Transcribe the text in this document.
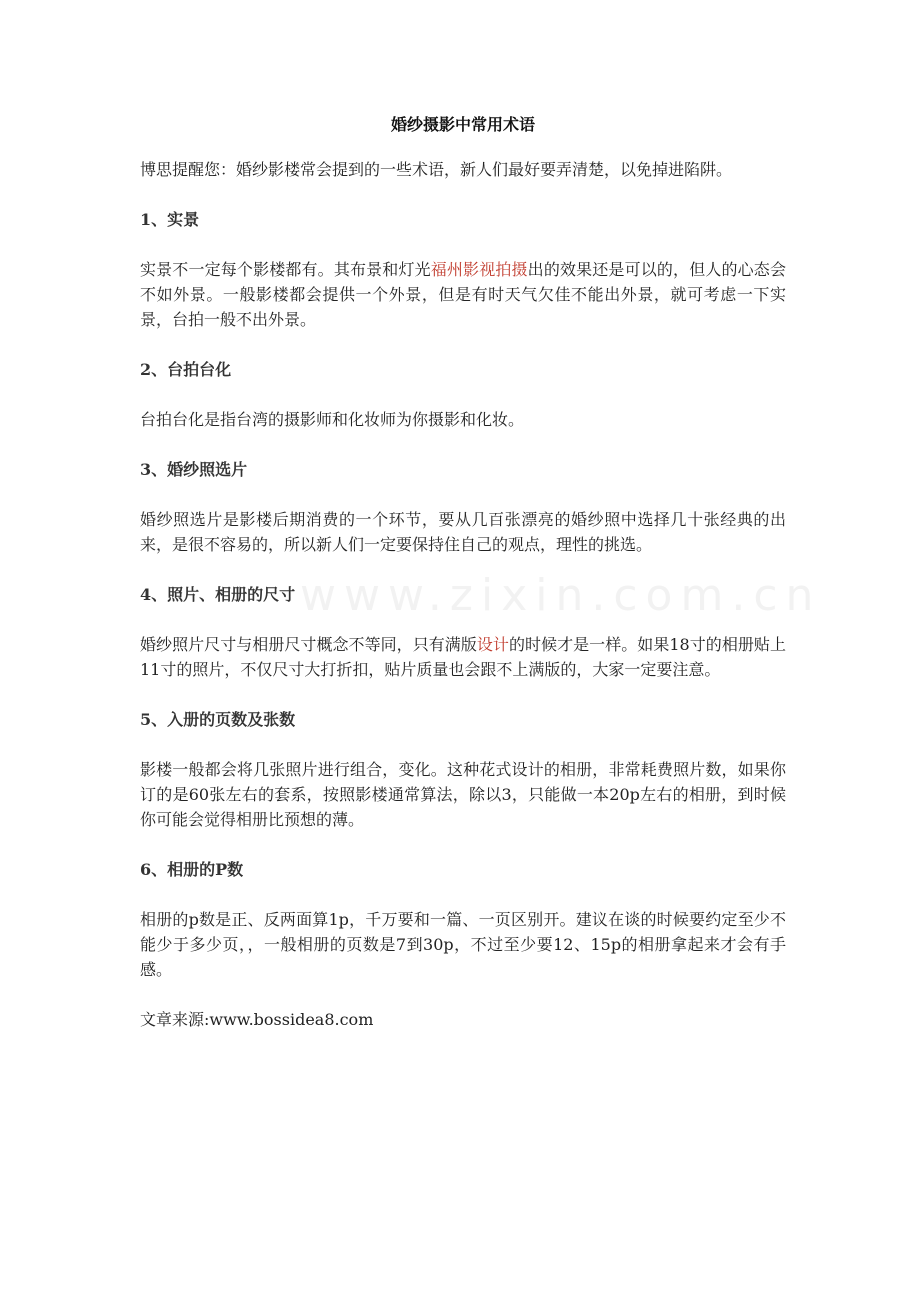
www.zixin.com.cn
婚纱摄影中常用术语

博思提醒您：婚纱影楼常会提到的一些术语，新人们最好要弄清楚，以免掉进陷阱。

1、实景

实景不一定每个影楼都有。其布景和灯光福州影视拍摄出的效果还是可以的，但人的心态会不如外景。一般影楼都会提供一个外景，但是有时天气欠佳不能出外景，就可考虑一下实景，台拍一般不出外景。

2、台拍台化

台拍台化是指台湾的摄影师和化妆师为你摄影和化妆。

3、婚纱照选片

婚纱照选片是影楼后期消费的一个环节，要从几百张漂亮的婚纱照中选择几十张经典的出来，是很不容易的，所以新人们一定要保持住自己的观点，理性的挑选。

4、照片、相册的尺寸

婚纱照片尺寸与相册尺寸概念不等同，只有满版设计的时候才是一样。如果18寸的相册贴上11寸的照片，不仅尺寸大打折扣，贴片质量也会跟不上满版的，大家一定要注意。

5、入册的页数及张数

影楼一般都会将几张照片进行组合，变化。这种花式设计的相册，非常耗费照片数，如果你订的是60张左右的套系，按照影楼通常算法，除以3，只能做一本20p左右的相册，到时候你可能会觉得相册比预想的薄。

6、相册的P数

相册的p数是正、反两面算1p，千万要和一篇、一页区别开。建议在谈的时候要约定至少不能少于多少页，，一般相册的页数是7到30p，不过至少要12、15p的相册拿起来才会有手感。

文章来源:www.bossidea8.com
